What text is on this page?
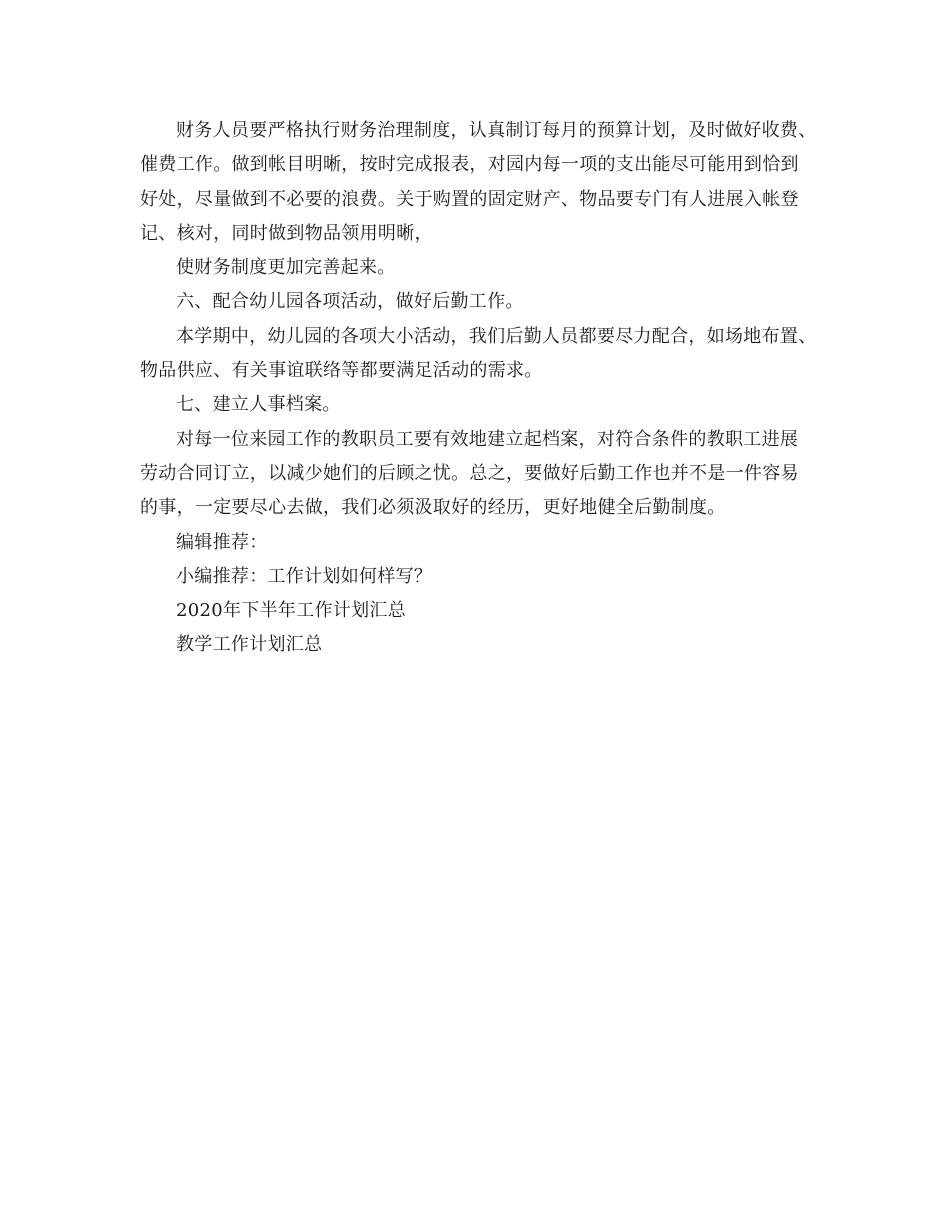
财务人员要严格执行财务治理制度，认真制订每月的预算计划，及时做好收费、
催费工作。做到帐目明晰，按时完成报表，对园内每一项的支出能尽可能用到恰到
好处，尽量做到不必要的浪费。关于购置的固定财产、物品要专门有人进展入帐登
记、核对，同时做到物品领用明晰，
使财务制度更加完善起来。
六、配合幼儿园各项活动，做好后勤工作。
本学期中，幼儿园的各项大小活动，我们后勤人员都要尽力配合，如场地布置、
物品供应、有关事谊联络等都要满足活动的需求。
七、建立人事档案。
对每一位来园工作的教职员工要有效地建立起档案，对符合条件的教职工进展
劳动合同订立，以减少她们的后顾之忧。总之，要做好后勤工作也并不是一件容易
的事，一定要尽心去做，我们必须汲取好的经历，更好地健全后勤制度。
编辑推荐：
小编推荐：工作计划如何样写？
2020年下半年工作计划汇总
教学工作计划汇总
